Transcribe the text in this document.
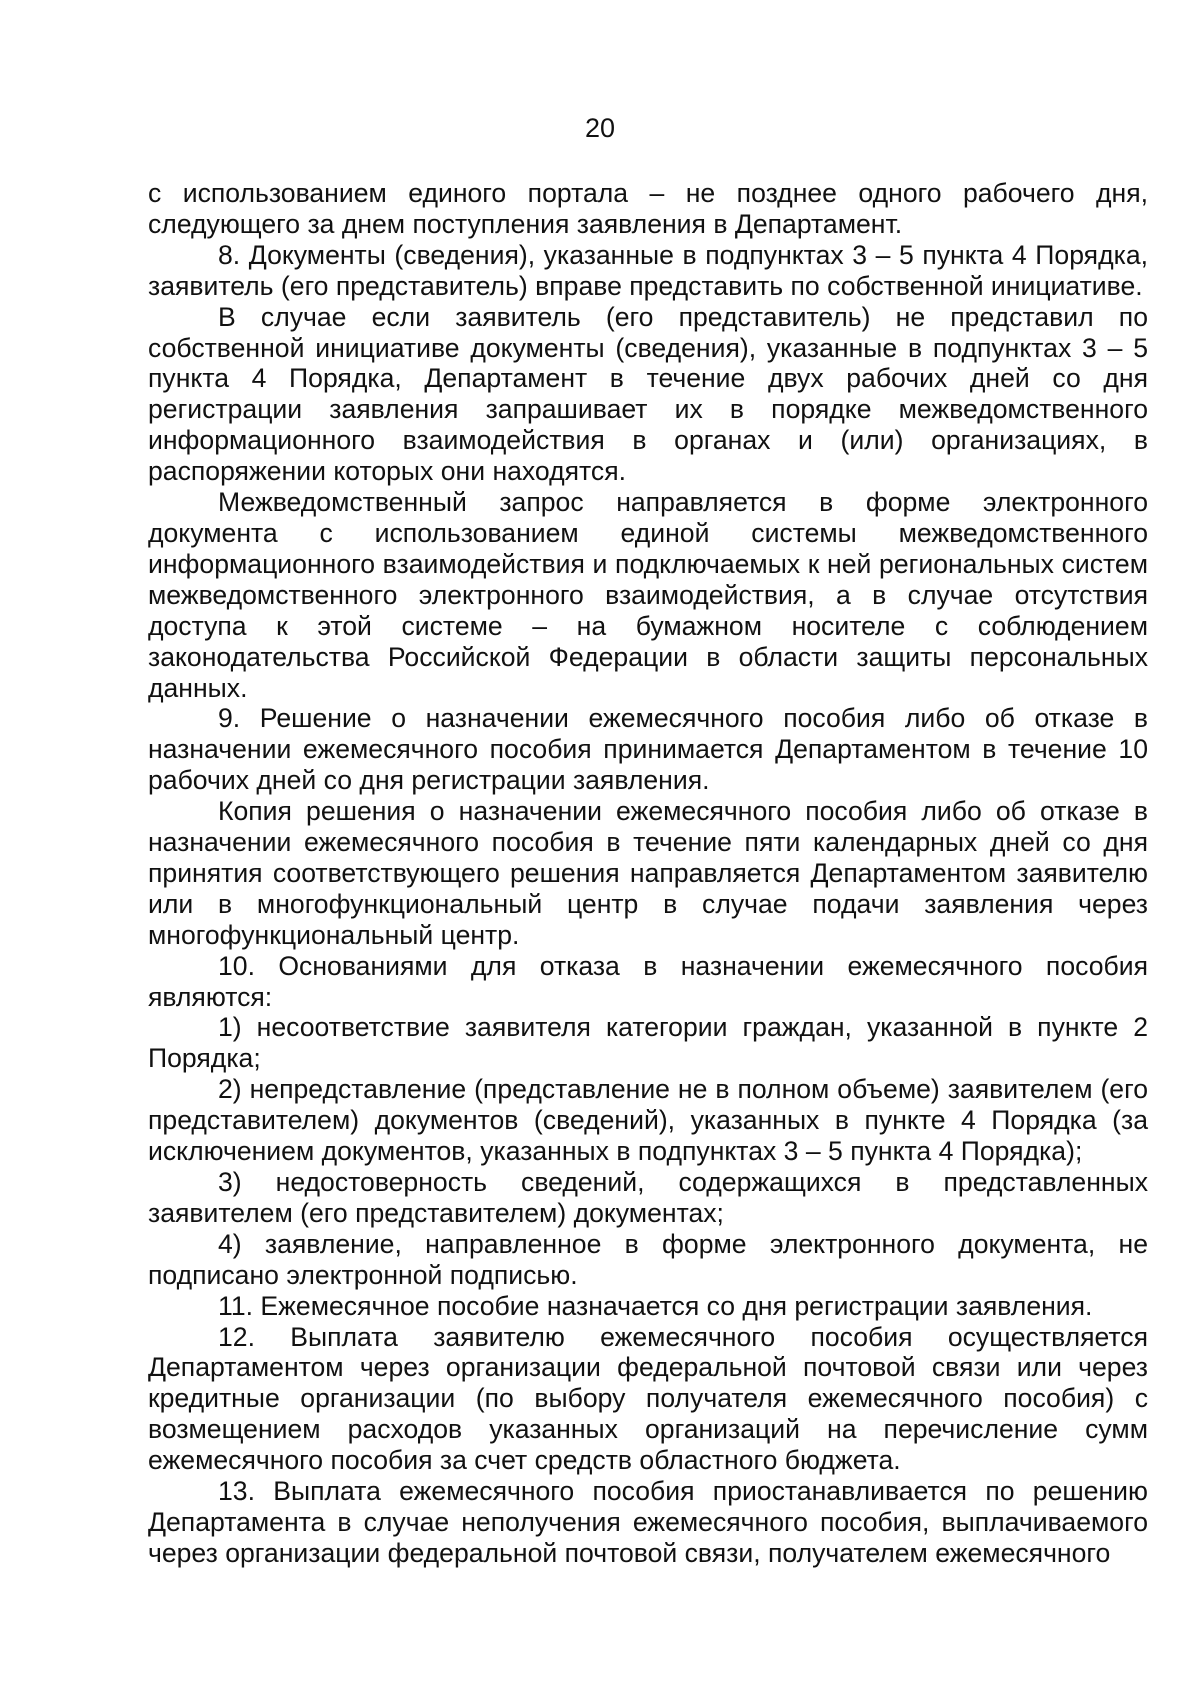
20

с использованием единого портала – не позднее одного рабочего дня, следующего за днем поступления заявления в Департамент.

8. Документы (сведения), указанные в подпунктах 3 – 5 пункта 4 Порядка, заявитель (его представитель) вправе представить по собственной инициативе.

В случае если заявитель (его представитель) не представил по собственной инициативе документы (сведения), указанные в подпунктах 3 – 5 пункта 4 Порядка, Департамент в течение двух рабочих дней со дня регистрации заявления запрашивает их в порядке межведомственного информационного взаимодействия в органах и (или) организациях, в распоряжении которых они находятся.

Межведомственный запрос направляется в форме электронного документа с использованием единой системы межведомственного информационного взаимодействия и подключаемых к ней региональных систем межведомственного электронного взаимодействия, а в случае отсутствия доступа к этой системе – на бумажном носителе с соблюдением законодательства Российской Федерации в области защиты персональных данных.

9. Решение о назначении ежемесячного пособия либо об отказе в назначении ежемесячного пособия принимается Департаментом в течение 10 рабочих дней со дня регистрации заявления.

Копия решения о назначении ежемесячного пособия либо об отказе в назначении ежемесячного пособия в течение пяти календарных дней со дня принятия соответствующего решения направляется Департаментом заявителю или в многофункциональный центр в случае подачи заявления через многофункциональный центр.

10. Основаниями для отказа в назначении ежемесячного пособия являются:

1) несоответствие заявителя категории граждан, указанной в пункте 2 Порядка;

2) непредставление (представление не в полном объеме) заявителем (его представителем) документов (сведений), указанных в пункте 4 Порядка (за исключением документов, указанных в подпунктах 3 – 5 пункта 4 Порядка);

3) недостоверность сведений, содержащихся в представленных заявителем (его представителем) документах;

4) заявление, направленное в форме электронного документа, не подписано электронной подписью.

11. Ежемесячное пособие назначается со дня регистрации заявления.

12. Выплата заявителю ежемесячного пособия осуществляется Департаментом через организации федеральной почтовой связи или через кредитные организации (по выбору получателя ежемесячного пособия) с возмещением расходов указанных организаций на перечисление сумм ежемесячного пособия за счет средств областного бюджета.

13. Выплата ежемесячного пособия приостанавливается по решению Департамента в случае неполучения ежемесячного пособия, выплачиваемого через организации федеральной почтовой связи, получателем ежемесячного
